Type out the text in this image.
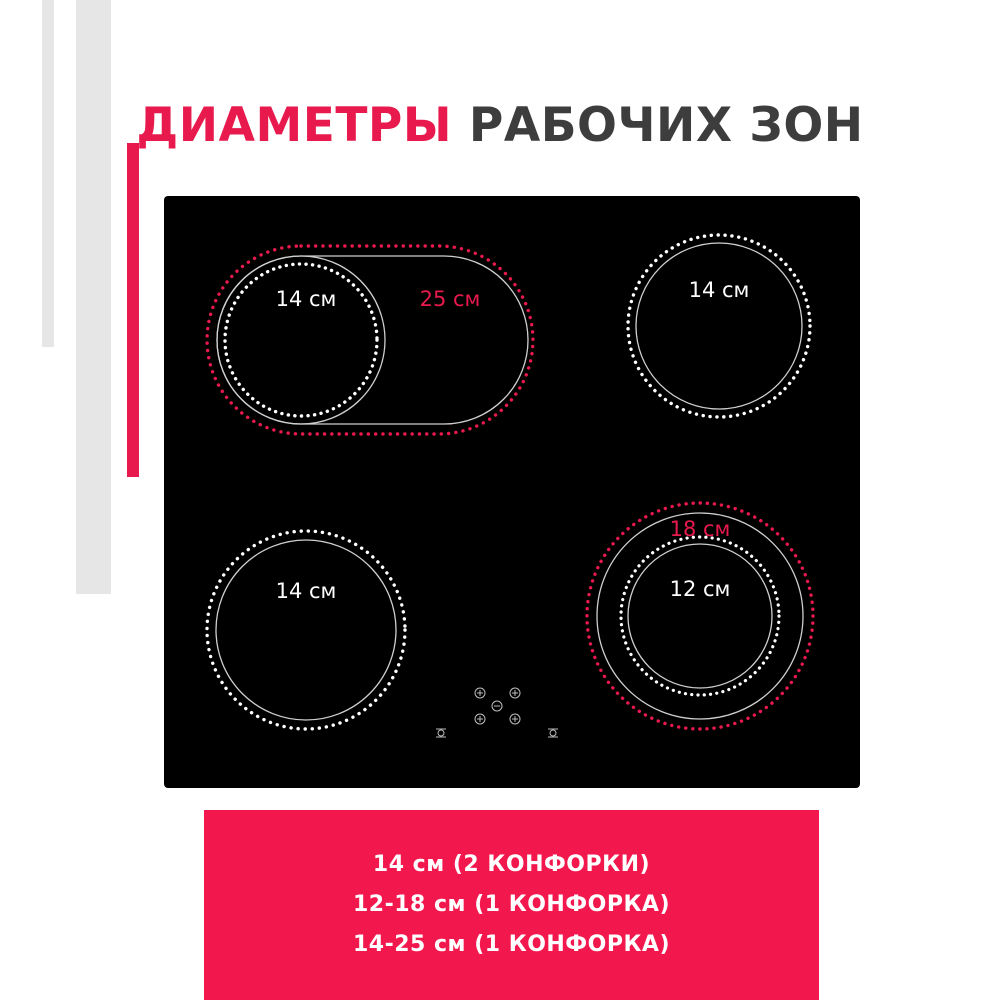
ДИАМЕТРЫ РАБОЧИХ ЗОН
14 см	25 см	14 см
14 см
18 см
12 см
14 см (2 КОНФОРКИ)
12-18 см (1 КОНФОРКА)
14-25 см (1 КОНФОРКА)
